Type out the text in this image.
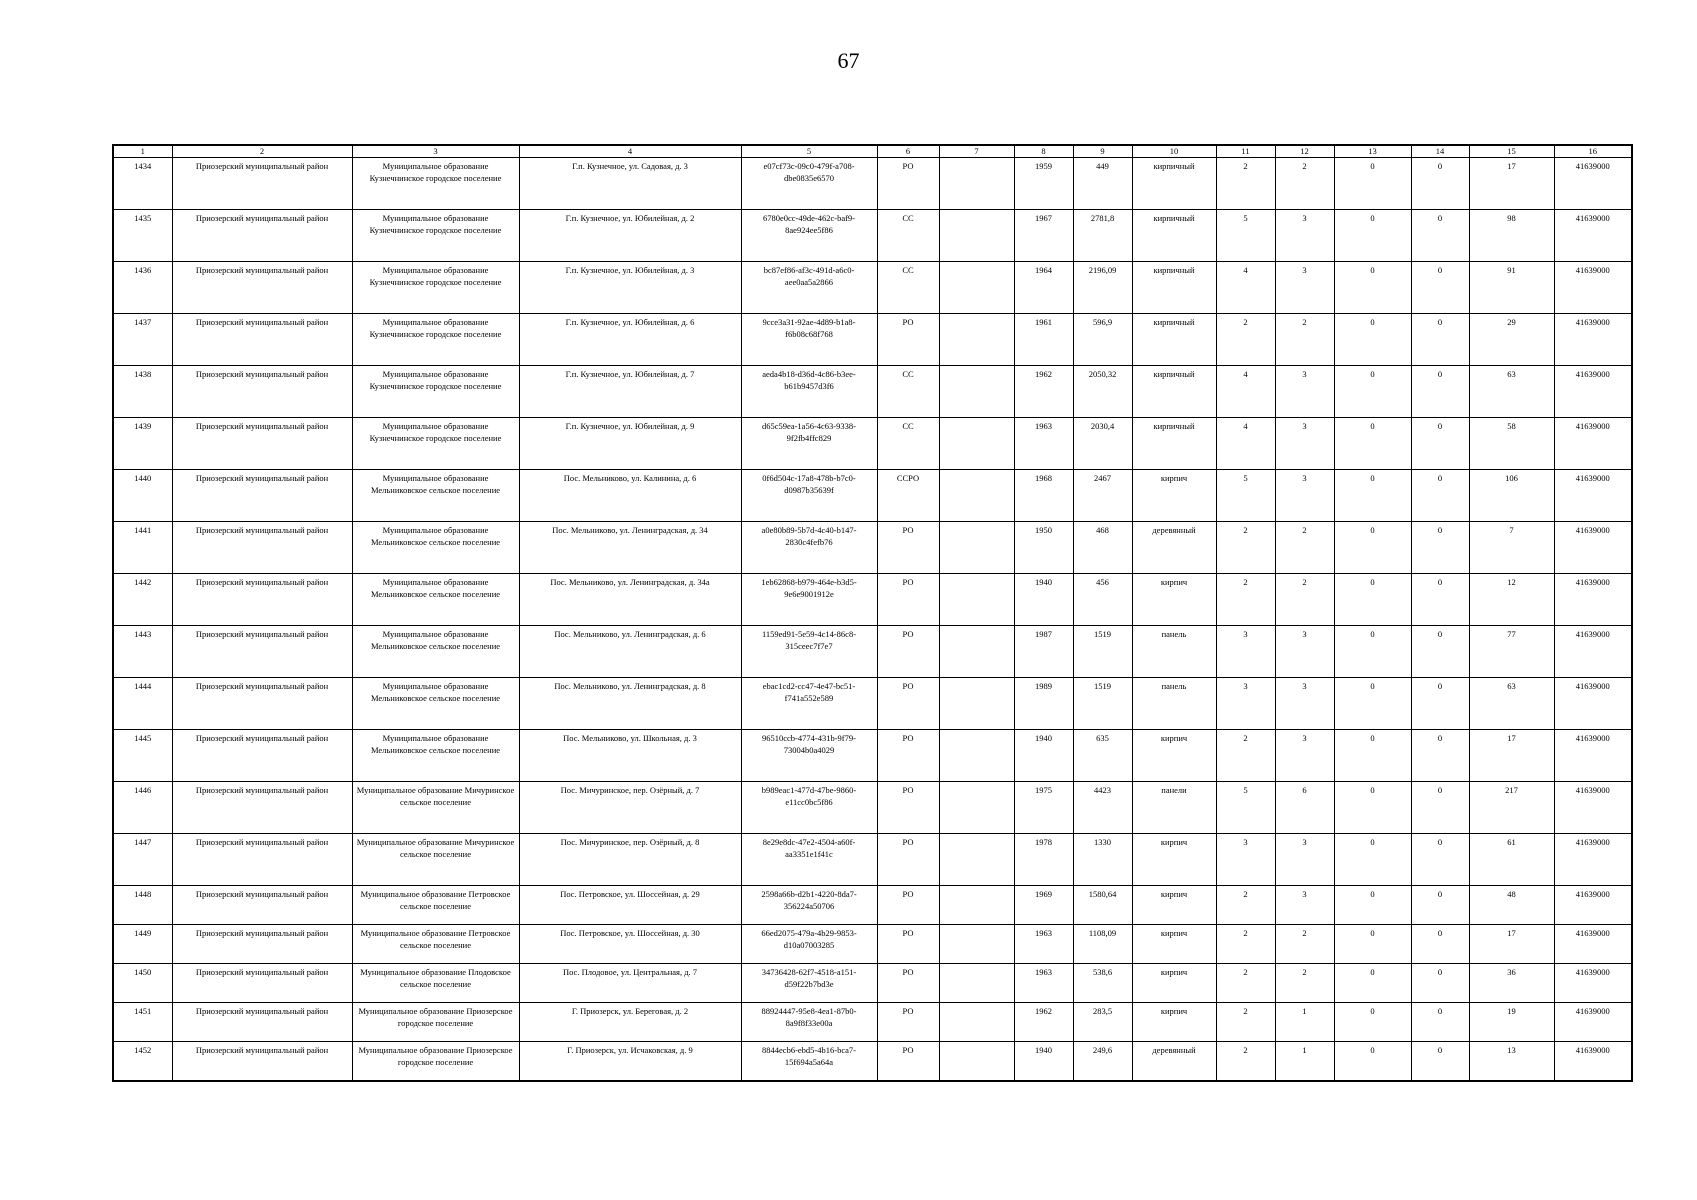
67
1	2	3	4	5	6	7	8	9	10	11	12	13	14	15	16
1434	Приозерский муниципальный район	Муниципальное образование Кузнечнинское городское поселение	Г.п. Кузнечное, ул. Садовая, д. 3	e07cf73c-09c0-479f-a708-dbe0835e6570	РО		1959	449	кирпичный	2	2	0	0	17	41639000
1435	Приозерский муниципальный район	Муниципальное образование Кузнечнинское городское поселение	Г.п. Кузнечное, ул. Юбилейная, д. 2	6780e0cc-49de-462c-baf9-8ae924ee5f86	СС		1967	2781,8	кирпичный	5	3	0	0	98	41639000
1436	Приозерский муниципальный район	Муниципальное образование Кузнечнинское городское поселение	Г.п. Кузнечное, ул. Юбилейная, д. 3	bc87ef86-af3c-491d-a6c0-aee0aa5a2866	СС		1964	2196,09	кирпичный	4	3	0	0	91	41639000
1437	Приозерский муниципальный район	Муниципальное образование Кузнечнинское городское поселение	Г.п. Кузнечное, ул. Юбилейная, д. 6	9cce3a31-92ae-4d89-b1a8-f6b08c68f768	РО		1961	596,9	кирпичный	2	2	0	0	29	41639000
1438	Приозерский муниципальный район	Муниципальное образование Кузнечнинское городское поселение	Г.п. Кузнечное, ул. Юбилейная, д. 7	aeda4b18-d36d-4c86-b3ee-b61b9457d3f6	СС		1962	2050,32	кирпичный	4	3	0	0	63	41639000
1439	Приозерский муниципальный район	Муниципальное образование Кузнечнинское городское поселение	Г.п. Кузнечное, ул. Юбилейная, д. 9	d65c59ea-1a56-4c63-9338-9f2fb4ffc829	СС		1963	2030,4	кирпичный	4	3	0	0	58	41639000
1440	Приозерский муниципальный район	Муниципальное образование Мельниковское сельское поселение	Пос. Мельниково, ул. Калинина, д. 6	0f6d504c-17a8-478b-b7c0-d0987b35639f	ССРО		1968	2467	кирпич	5	3	0	0	106	41639000
1441	Приозерский муниципальный район	Муниципальное образование Мельниковское сельское поселение	Пос. Мельниково, ул. Ленинградская, д. 34	a0e80b89-5b7d-4c40-b147-2830c4fefb76	РО		1950	468	деревянный	2	2	0	0	7	41639000
1442	Приозерский муниципальный район	Муниципальное образование Мельниковское сельское поселение	Пос. Мельниково, ул. Ленинградская, д. 34а	1eb62868-b979-464e-b3d5-9e6e9001912e	РО		1940	456	кирпич	2	2	0	0	12	41639000
1443	Приозерский муниципальный район	Муниципальное образование Мельниковское сельское поселение	Пос. Мельниково, ул. Ленинградская, д. 6	1159ed91-5e59-4c14-86c8-315ceec7f7e7	РО		1987	1519	панель	3	3	0	0	77	41639000
1444	Приозерский муниципальный район	Муниципальное образование Мельниковское сельское поселение	Пос. Мельниково, ул. Ленинградская, д. 8	ebac1cd2-cc47-4e47-bc51-f741a552e589	РО		1989	1519	панель	3	3	0	0	63	41639000
1445	Приозерский муниципальный район	Муниципальное образование Мельниковское сельское поселение	Пос. Мельниково, ул. Школьная, д. 3	96510ccb-4774-431b-9f79-73004b0a4029	РО		1940	635	кирпич	2	3	0	0	17	41639000
1446	Приозерский муниципальный район	Муниципальное образование Мичуринское сельское поселение	Пос. Мичуринское, пер. Озёрный, д. 7	b989eac1-477d-47be-9860-e11cc0bc5f86	РО		1975	4423	панели	5	6	0	0	217	41639000
1447	Приозерский муниципальный район	Муниципальное образование Мичуринское сельское поселение	Пос. Мичуринское, пер. Озёрный, д. 8	8e29e8dc-47e2-4504-a60f-aa3351e1f41c	РО		1978	1330	кирпич	3	3	0	0	61	41639000
1448	Приозерский муниципальный район	Муниципальное образование Петровское сельское поселение	Пос. Петровское, ул. Шоссейная, д. 29	2598a66b-d2b1-4220-8da7-356224a50706	РО		1969	1580,64	кирпич	2	3	0	0	48	41639000
1449	Приозерский муниципальный район	Муниципальное образование Петровское сельское поселение	Пос. Петровское, ул. Шоссейная, д. 30	66ed2075-479a-4b29-9853-d10a07003285	РО		1963	1108,09	кирпич	2	2	0	0	17	41639000
1450	Приозерский муниципальный район	Муниципальное образование Плодовское сельское поселение	Пос. Плодовое, ул. Центральная, д. 7	34736428-62f7-4518-a151-d59f22b7bd3e	РО		1963	538,6	кирпич	2	2	0	0	36	41639000
1451	Приозерский муниципальный район	Муниципальное образование Приозерское городское поселение	Г. Приозерск, ул. Береговая, д. 2	88924447-95e8-4ea1-87b0-8a9f8f33e00a	РО		1962	283,5	кирпич	2	1	0	0	19	41639000
1452	Приозерский муниципальный район	Муниципальное образование Приозерское городское поселение	Г. Приозерск, ул. Исчаковская, д. 9	8844ecb6-ebd5-4b16-bca7-15f694a5a64a	РО		1940	249,6	деревянный	2	1	0	0	13	41639000
